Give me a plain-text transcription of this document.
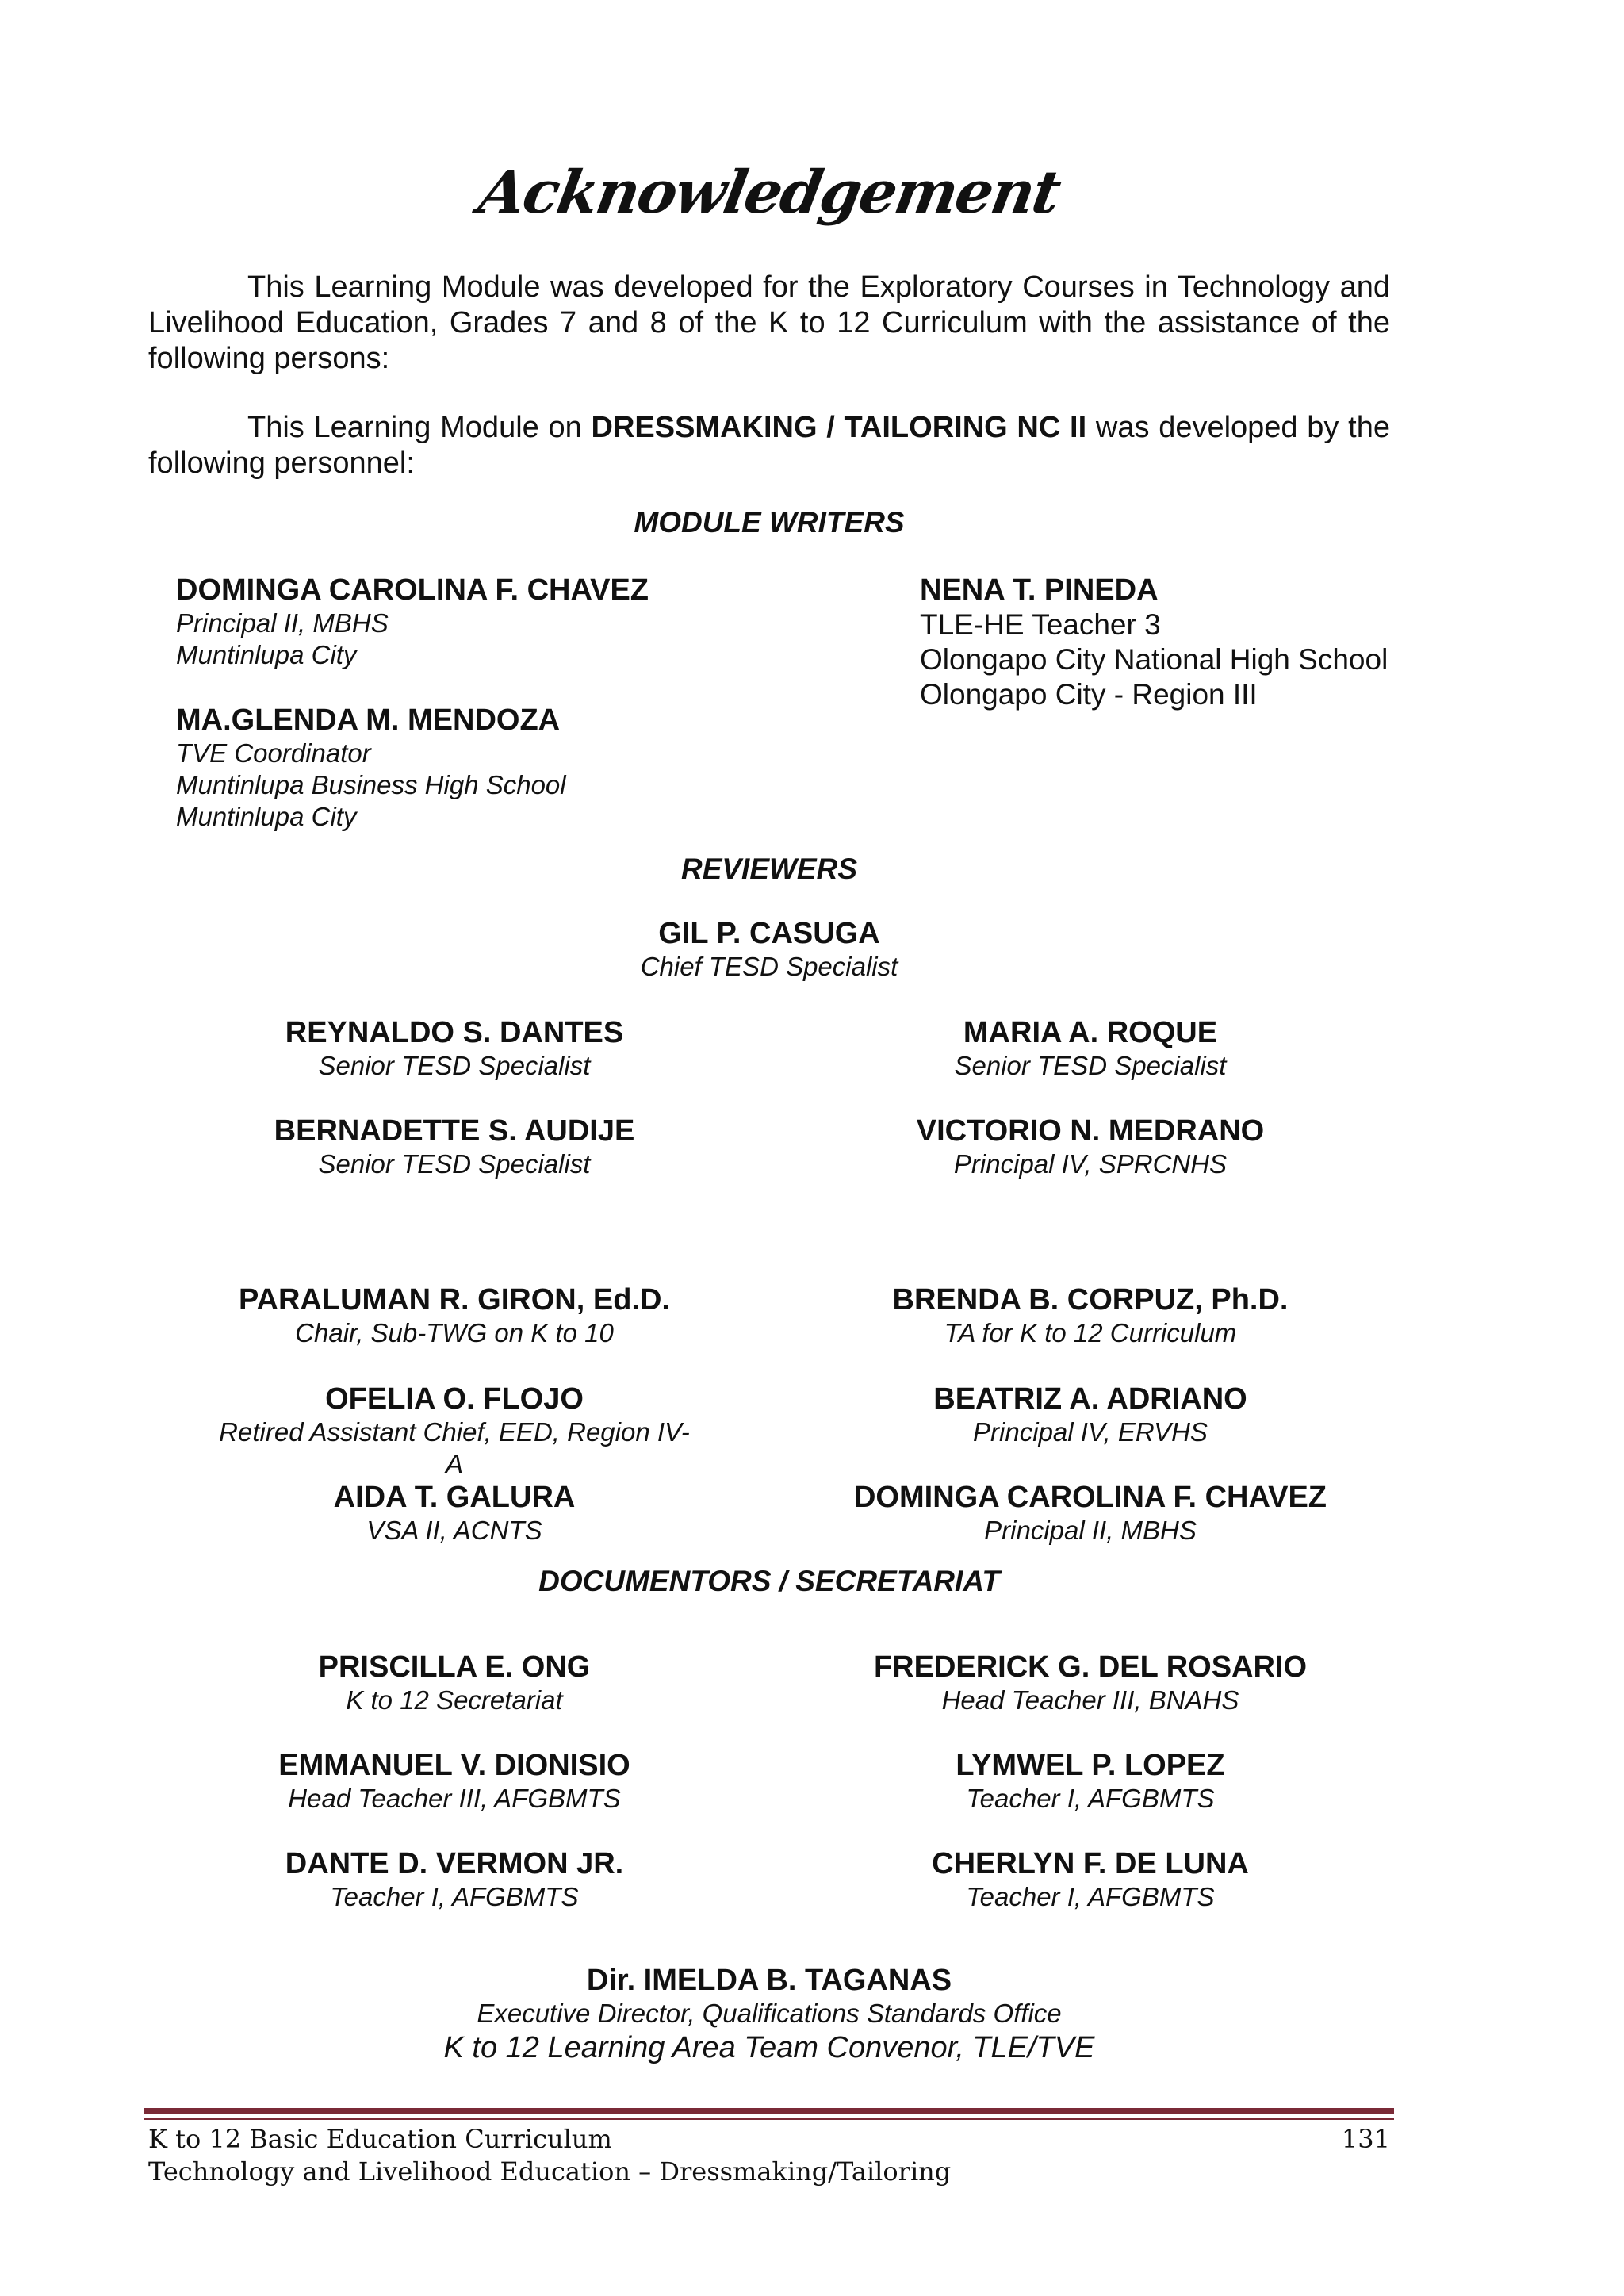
Acknowledgement

This Learning Module was developed for the Exploratory Courses in Technology and Livelihood Education, Grades 7 and 8 of the K to 12 Curriculum with the assistance of the following persons:

This Learning Module on DRESSMAKING / TAILORING NC II was developed by the following personnel:

MODULE WRITERS
DOMINGA CAROLINA F. CHAVEZ
Principal II, MBHS
Muntinlupa City
MA.GLENDA M. MENDOZA
TVE Coordinator
Muntinlupa Business High School
Muntinlupa City
NENA T. PINEDA
TLE-HE Teacher 3
Olongapo City National High School
Olongapo City - Region III
REVIEWERS
GIL P. CASUGA
Chief TESD Specialist
REYNALDO S. DANTES
Senior TESD Specialist
MARIA A. ROQUE
Senior TESD Specialist
BERNADETTE S. AUDIJE
Senior TESD Specialist
VICTORIO N. MEDRANO
Principal IV, SPRCNHS
PARALUMAN R. GIRON, Ed.D.
Chair, Sub-TWG on K to 10
BRENDA B. CORPUZ, Ph.D.
TA for K to 12 Curriculum
OFELIA O. FLOJO
Retired Assistant Chief, EED, Region IV-A
BEATRIZ A. ADRIANO
Principal IV, ERVHS
AIDA T. GALURA
VSA II, ACNTS
DOMINGA CAROLINA F. CHAVEZ
Principal II, MBHS
DOCUMENTORS / SECRETARIAT
PRISCILLA E. ONG
K to 12 Secretariat
FREDERICK G. DEL ROSARIO
Head Teacher III, BNAHS
EMMANUEL V. DIONISIO
Head Teacher III, AFGBMTS
LYMWEL P. LOPEZ
Teacher I, AFGBMTS
DANTE D. VERMON JR.
Teacher I, AFGBMTS
CHERLYN F. DE LUNA
Teacher I, AFGBMTS
Dir. IMELDA B. TAGANAS
Executive Director, Qualifications Standards Office
K to 12 Learning Area Team Convenor, TLE/TVE
K to 12 Basic Education Curriculum
Technology and Livelihood Education – Dressmaking/Tailoring
131
